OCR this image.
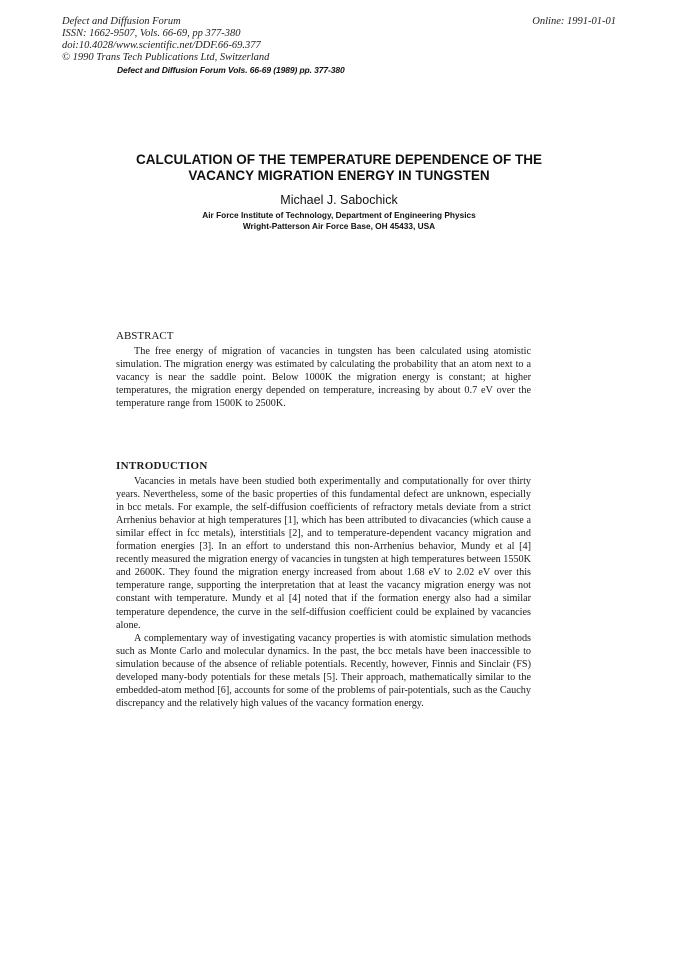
Defect and Diffusion Forum
ISSN: 1662-9507, Vols. 66-69, pp 377-380
doi:10.4028/www.scientific.net/DDF.66-69.377
© 1990 Trans Tech Publications Ltd, Switzerland
Online: 1991-01-01
Defect and Diffusion Forum Vols. 66-69 (1989) pp. 377-380
CALCULATION OF THE TEMPERATURE DEPENDENCE OF THE
VACANCY MIGRATION ENERGY IN TUNGSTEN
Michael J. Sabochick
Air Force Institute of Technology, Department of Engineering Physics
Wright-Patterson Air Force Base, OH 45433, USA
ABSTRACT

The free energy of migration of vacancies in tungsten has been calculated using atomistic simulation. The migration energy was estimated by calculating the probability that an atom next to a vacancy is near the saddle point. Below 1000K the migration energy is constant; at higher temperatures, the migration energy depended on temperature, increasing by about 0.7 eV over the temperature range from 1500K to 2500K.

INTRODUCTION

Vacancies in metals have been studied both experimentally and computationally for over thirty years. Nevertheless, some of the basic properties of this fundamental defect are unknown, especially in bcc metals. For example, the self-diffusion coefficients of refractory metals deviate from a strict Arrhenius behavior at high temperatures [1], which has been attributed to divacancies (which cause a similar effect in fcc metals), interstitials [2], and to temperature-dependent vacancy migration and formation energies [3]. In an effort to understand this non-Arrhenius behavior, Mundy et al [4] recently measured the migration energy of vacancies in tungsten at high temperatures between 1550K and 2600K. They found the migration energy increased from about 1.68 eV to 2.02 eV over this temperature range, supporting the interpretation that at least the vacancy migration energy was not constant with temperature. Mundy et al [4] noted that if the formation energy also had a similar temperature dependence, the curve in the self-diffusion coefficient could be explained by vacancies alone.

A complementary way of investigating vacancy properties is with atomistic simulation methods such as Monte Carlo and molecular dynamics. In the past, the bcc metals have been inaccessible to simulation because of the absence of reliable potentials. Recently, however, Finnis and Sinclair (FS) developed many-body potentials for these metals [5]. Their approach, mathematically similar to the embedded-atom method [6], accounts for some of the problems of pair-potentials, such as the Cauchy discrepancy and the relatively high values of the vacancy formation energy.
